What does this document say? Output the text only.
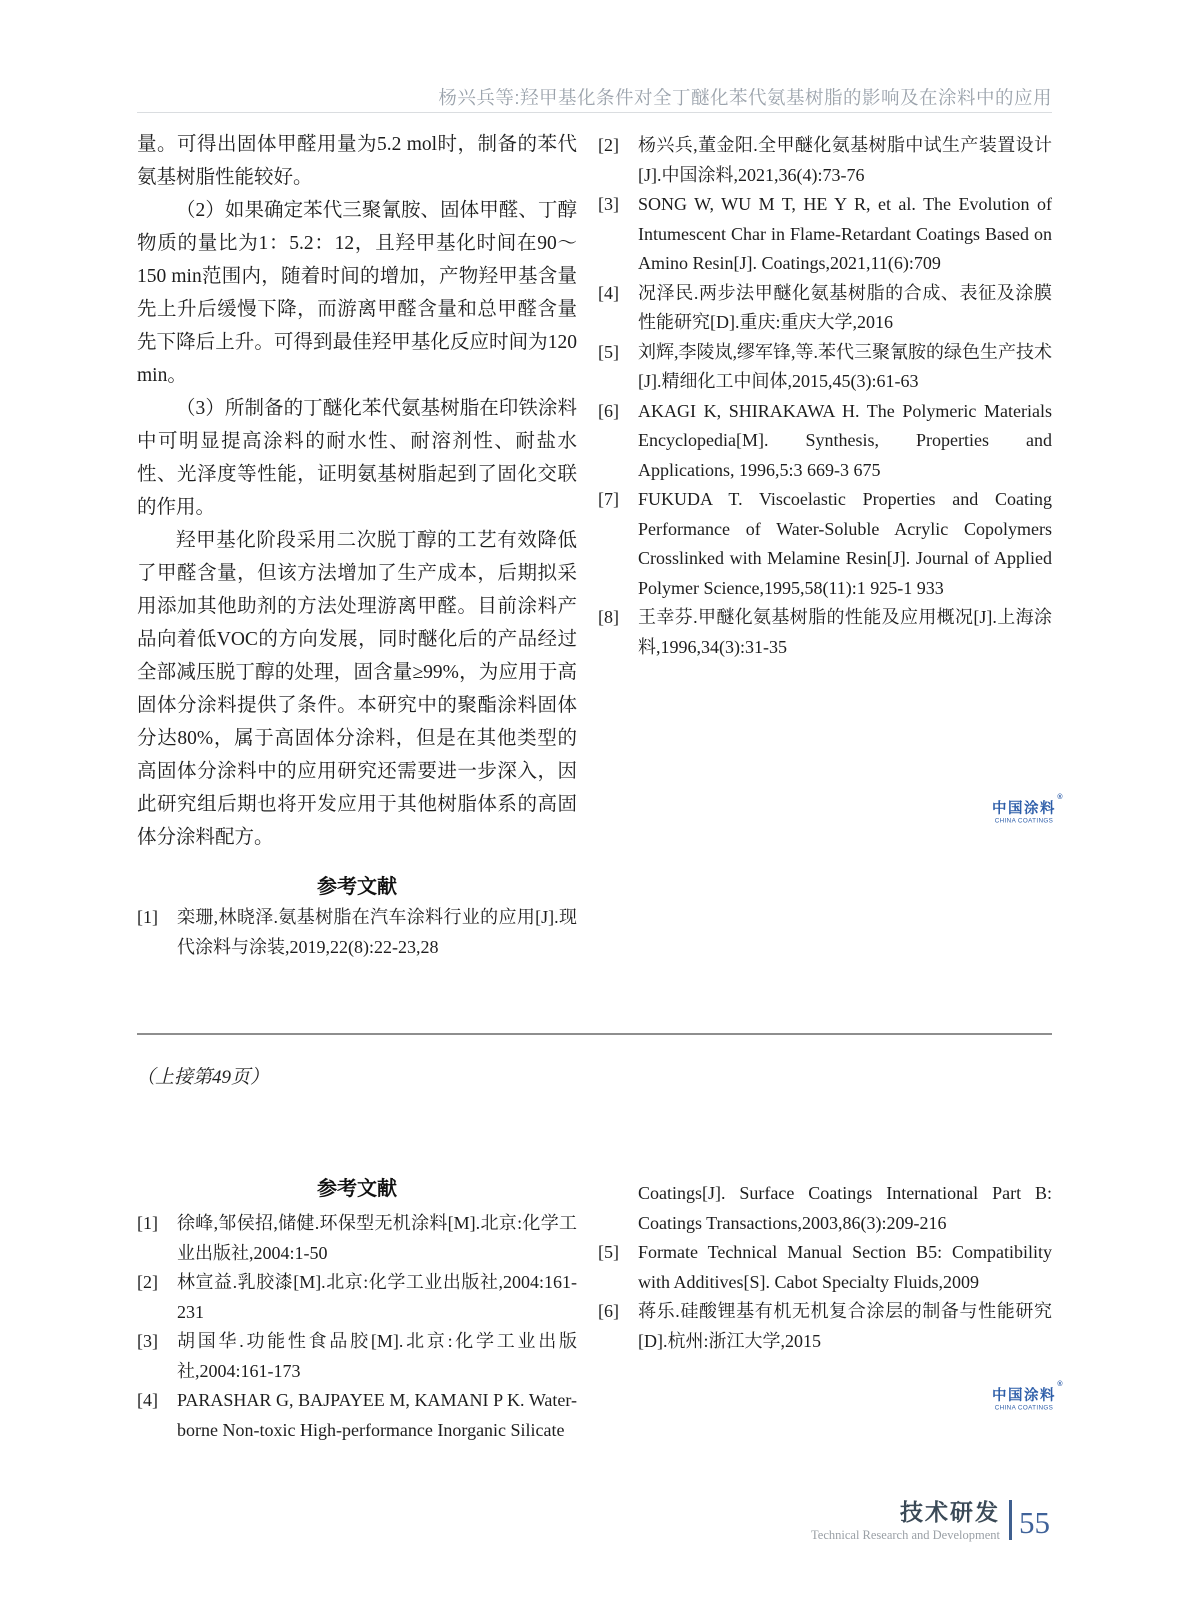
杨兴兵等:羟甲基化条件对全丁醚化苯代氨基树脂的影响及在涂料中的应用

量。可得出固体甲醛用量为5.2 mol时，制备的苯代氨基树脂性能较好。

（2）如果确定苯代三聚氰胺、固体甲醛、丁醇物质的量比为1：5.2：12，且羟甲基化时间在90～150 min范围内，随着时间的增加，产物羟甲基含量先上升后缓慢下降，而游离甲醛含量和总甲醛含量先下降后上升。可得到最佳羟甲基化反应时间为120 min。

（3）所制备的丁醚化苯代氨基树脂在印铁涂料中可明显提高涂料的耐水性、耐溶剂性、耐盐水性、光泽度等性能，证明氨基树脂起到了固化交联的作用。

羟甲基化阶段采用二次脱丁醇的工艺有效降低了甲醛含量，但该方法增加了生产成本，后期拟采用添加其他助剂的方法处理游离甲醛。目前涂料产品向着低VOC的方向发展，同时醚化后的产品经过全部减压脱丁醇的处理，固含量≥99%，为应用于高固体分涂料提供了条件。本研究中的聚酯涂料固体分达80%，属于高固体分涂料，但是在其他类型的高固体分涂料中的应用研究还需要进一步深入，因此研究组后期也将开发应用于其他树脂体系的高固体分涂料配方。

参考文献
[1] 栾珊,林晓泽.氨基树脂在汽车涂料行业的应用[J].现代涂料与涂装,2019,22(8):22-23,28
[2] 杨兴兵,董金阳.全甲醚化氨基树脂中试生产装置设计[J].中国涂料,2021,36(4):73-76
[3] SONG W, WU M T, HE Y R, et al. The Evolution of Intumescent Char in Flame-Retardant Coatings Based on Amino Resin[J]. Coatings,2021,11(6):709
[4] 况泽民.两步法甲醚化氨基树脂的合成、表征及涂膜性能研究[D].重庆:重庆大学,2016
[5] 刘辉,李陵岚,缪军锋,等.苯代三聚氰胺的绿色生产技术[J].精细化工中间体,2015,45(3):61-63
[6] AKAGI K, SHIRAKAWA H. The Polymeric Materials Encyclopedia[M]. Synthesis, Properties and Applications, 1996,5:3 669-3 675
[7] FUKUDA T. Viscoelastic Properties and Coating Performance of Water-Soluble Acrylic Copolymers Crosslinked with Melamine Resin[J]. Journal of Applied Polymer Science,1995,58(11):1 925-1 933
[8] 王幸芬.甲醚化氨基树脂的性能及应用概况[J].上海涂料,1996,34(3):31-35
中国涂料
®
CHINA COATINGS
（上接第49页）
参考文献
[1] 徐峰,邹侯招,储健.环保型无机涂料[M].北京:化学工业出版社,2004:1-50
[2] 林宣益.乳胶漆[M].北京:化学工业出版社,2004:161-231
[3] 胡国华.功能性食品胶[M].北京:化学工业出版社,2004:161-173
[4] PARASHAR G, BAJPAYEE M, KAMANI P K. Water-borne Non-toxic High-performance Inorganic Silicate
Coatings[J]. Surface Coatings International Part B: Coatings Transactions,2003,86(3):209-216
[5] Formate Technical Manual Section B5: Compatibility with Additives[S]. Cabot Specialty Fluids,2009
[6] 蒋乐.硅酸锂基有机无机复合涂层的制备与性能研究[D].杭州:浙江大学,2015
中国涂料
®
CHINA COATINGS
技术研发
Technical Research and Development 55
